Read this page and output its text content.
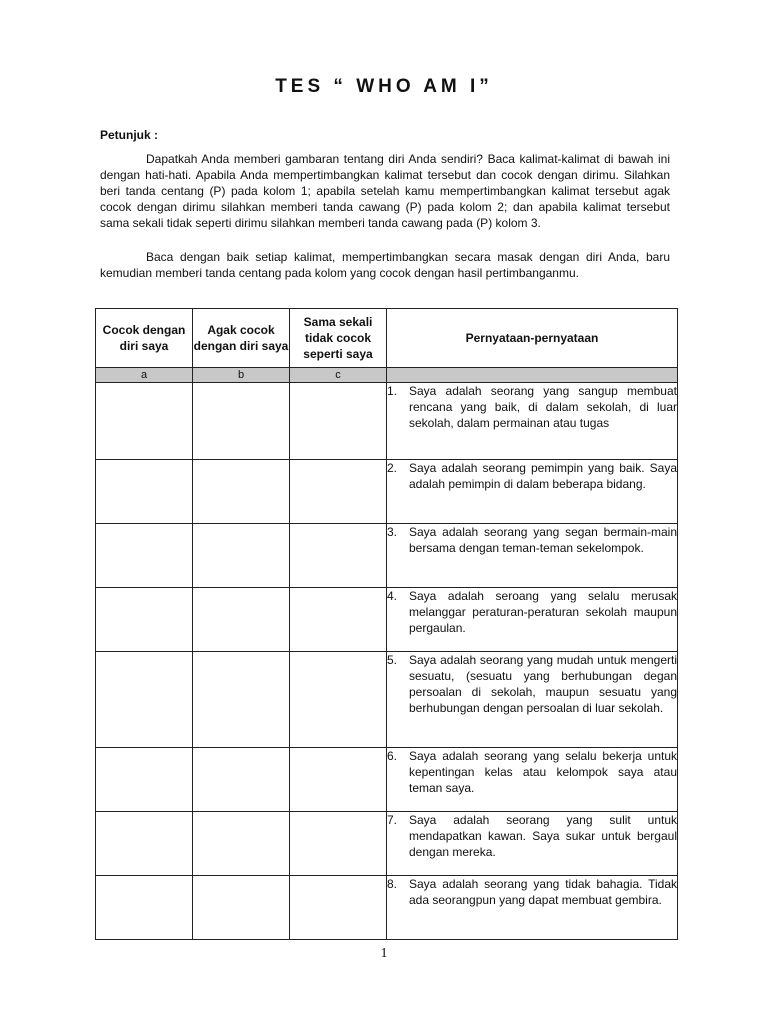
TES “ WHO AM I”
Petunjuk :

Dapatkah Anda memberi gambaran tentang diri Anda sendiri? Baca kalimat-kalimat di bawah ini dengan hati-hati. Apabila Anda mempertimbangkan kalimat tersebut dan cocok dengan dirimu. Silahkan beri tanda centang (P) pada kolom 1; apabila setelah kamu mempertimbangkan kalimat tersebut agak cocok dengan dirimu silahkan memberi tanda cawang (P) pada kolom 2; dan apabila kalimat tersebut sama sekali tidak seperti dirimu silahkan memberi tanda cawang pada (P) kolom 3.

Baca dengan baik setiap kalimat, mempertimbangkan secara masak dengan diri Anda, baru kemudian memberi tanda centang pada kolom yang cocok dengan hasil pertimbanganmu.

Cocok dengan diri saya	Agak cocok dengan diri saya	Sama sekali tidak cocok seperti saya	Pernyataan-pernyataan
a	b	c	

			1. Saya adalah seorang yang sangup membuat rencana yang baik, di dalam sekolah, di luar sekolah, dalam permainan atau tugas

			2. Saya adalah seorang pemimpin yang baik. Saya adalah pemimpin di dalam beberapa bidang.

			3. Saya adalah seorang yang segan bermain-main bersama dengan teman-teman sekelompok.

			4. Saya adalah seroang yang selalu merusak melanggar peraturan-peraturan sekolah maupun pergaulan.

			5. Saya adalah seorang yang mudah untuk mengerti sesuatu, (sesuatu yang berhubungan degan persoalan di sekolah, maupun sesuatu yang berhubungan dengan persoalan di luar sekolah.

			6. Saya adalah seorang yang selalu bekerja untuk kepentingan kelas atau kelompok saya atau teman saya.

			7. Saya adalah seorang yang sulit untuk mendapatkan kawan. Saya sukar untuk bergaul dengan mereka.

			8. Saya adalah seorang yang tidak bahagia. Tidak ada seorangpun yang dapat membuat gembira.
1
